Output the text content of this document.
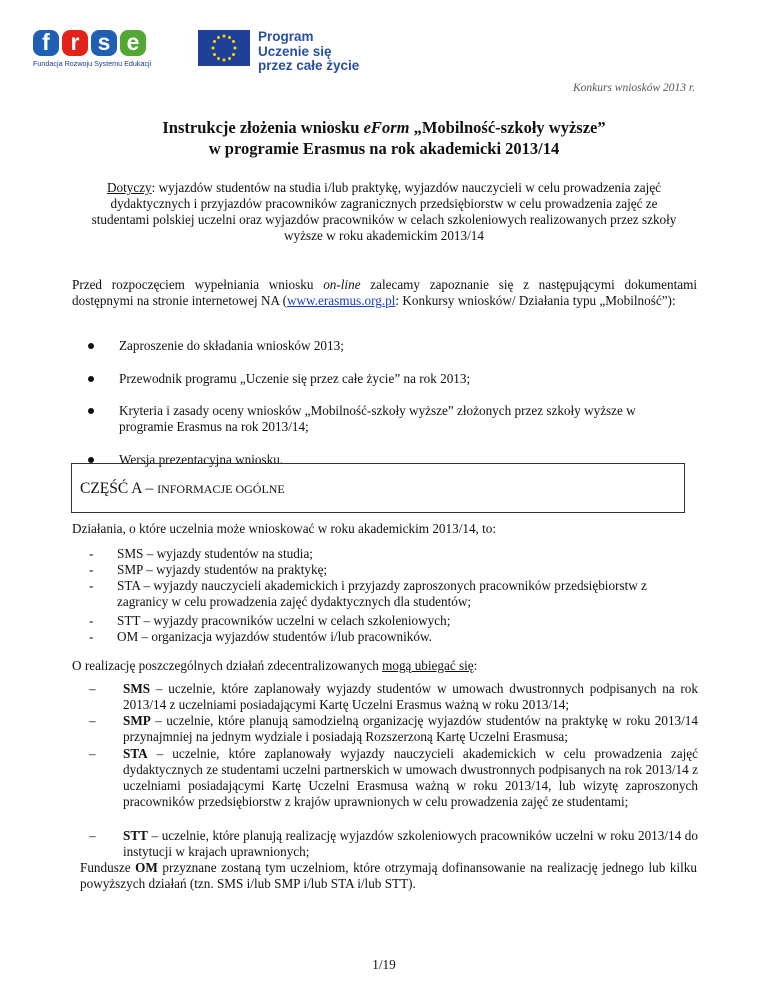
f r s e
Fundacja Rozwoju Systemu Edukacji
Program
Uczenie się
przez całe życie
Konkurs wniosków 2013 r.
Instrukcje złożenia wniosku eForm „Mobilność-szkoły wyższe”
w programie Erasmus na rok akademicki 2013/14
Dotyczy: wyjazdów studentów na studia i/lub praktykę, wyjazdów nauczycieli w celu prowadzenia zajęć dydaktycznych i przyjazdów pracowników zagranicznych przedsiębiorstw w celu prowadzenia zajęć ze studentami polskiej uczelni oraz wyjazdów pracowników w celach szkoleniowych realizowanych przez szkoły wyższe w roku akademickim 2013/14
Przed rozpoczęciem wypełniania wniosku on-line zalecamy zapoznanie się z następującymi dokumentami dostępnymi na stronie internetowej NA (www.erasmus.org.pl: Konkursy wniosków/ Działania typu „Mobilność”):
Zaproszenie do składania wniosków 2013;
Przewodnik programu „Uczenie się przez całe życie” na rok 2013;
Kryteria i zasady oceny wniosków „Mobilność-szkoły wyższe” złożonych przez szkoły wyższe w programie Erasmus na rok 2013/14;
Wersja prezentacyjna wniosku.
CZĘŚĆ A – INFORMACJE OGÓLNE
Działania, o które uczelnia może wnioskować w roku akademickim 2013/14, to:
- SMS – wyjazdy studentów na studia;
- SMP – wyjazdy studentów na praktykę;
- STA – wyjazdy nauczycieli akademickich i przyjazdy zaproszonych pracowników przedsiębiorstw z zagranicy w celu prowadzenia zajęć dydaktycznych dla studentów;
- STT – wyjazdy pracowników uczelni w celach szkoleniowych;
- OM – organizacja wyjazdów studentów i/lub pracowników.
O realizację poszczególnych działań zdecentralizowanych mogą ubiegać się:
– SMS – uczelnie, które zaplanowały wyjazdy studentów w umowach dwustronnych podpisanych na rok 2013/14 z uczelniami posiadającymi Kartę Uczelni Erasmus ważną w roku 2013/14;
– SMP – uczelnie, które planują samodzielną organizację wyjazdów studentów na praktykę w roku 2013/14 przynajmniej na jednym wydziale i posiadają Rozszerzoną Kartę Uczelni Erasmusa;
– STA – uczelnie, które zaplanowały wyjazdy nauczycieli akademickich w celu prowadzenia zajęć dydaktycznych ze studentami uczelni partnerskich w umowach dwustronnych podpisanych na rok 2013/14 z uczelniami posiadającymi Kartę Uczelni Erasmusa ważną w roku 2013/14, lub wizytę zaproszonych pracowników przedsiębiorstw z krajów uprawnionych w celu prowadzenia zajęć ze studentami;
– STT – uczelnie, które planują realizację wyjazdów szkoleniowych pracowników uczelni w roku 2013/14 do instytucji w krajach uprawnionych;
Fundusze OM przyznane zostaną tym uczelniom, które otrzymają dofinansowanie na realizację jednego lub kilku powyższych działań (tzn. SMS i/lub SMP i/lub STA i/lub STT).
1/19
